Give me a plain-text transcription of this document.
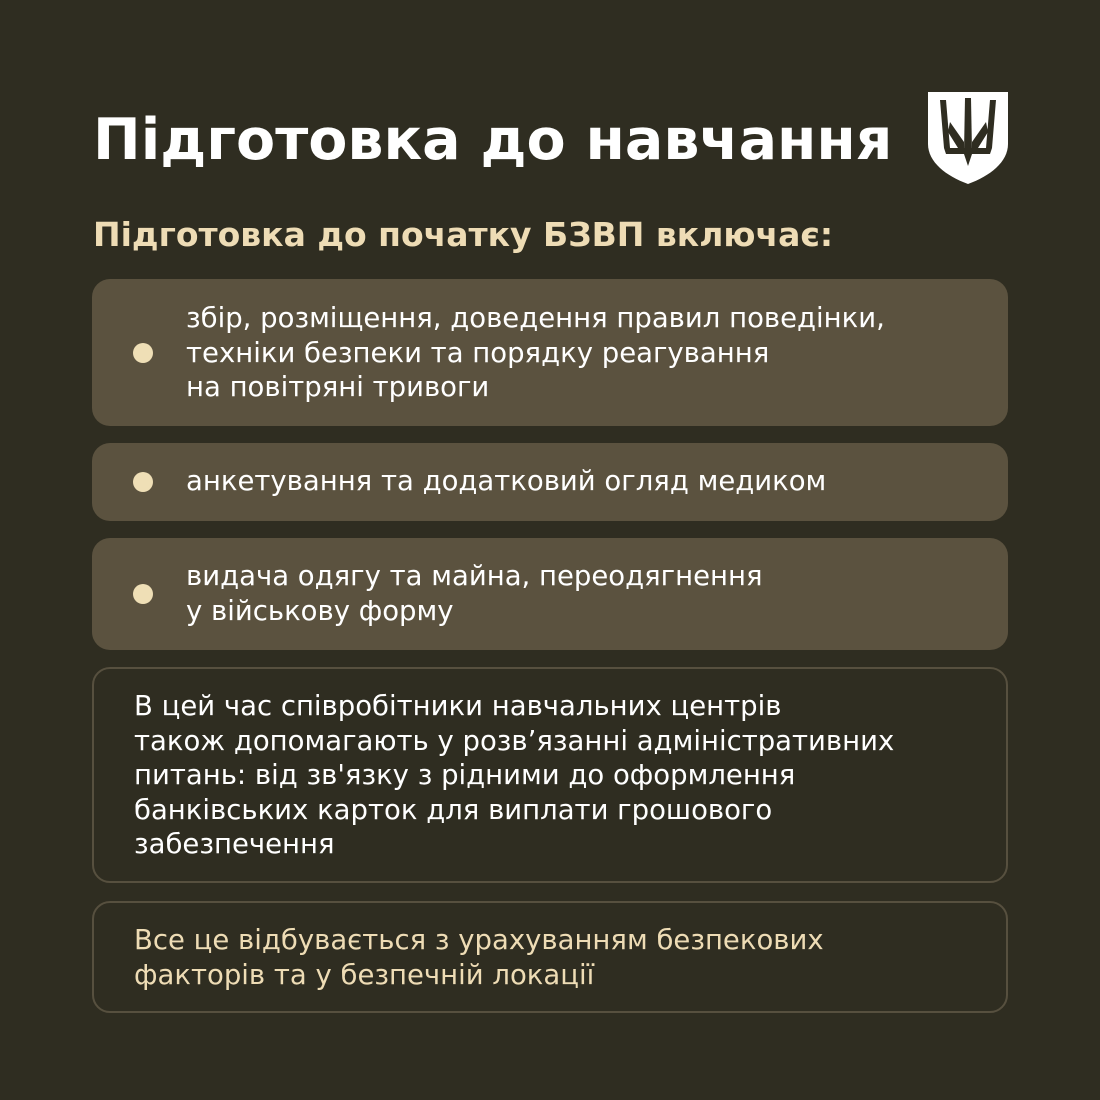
Підготовка до навчання
Підготовка до початку БЗВП включає:
збір, розміщення, доведення правил поведінки,
техніки безпеки та порядку реагування
на повітряні тривоги
анкетування та додатковий огляд медиком
видача одягу та майна, переодягнення
у військову форму
В цей час співробітники навчальних центрів
також допомагають у розв’язанні адміністративних
питань: від зв'язку з рідними до оформлення
банківських карток для виплати грошового
забезпечення
Все це відбувається з урахуванням безпекових
факторів та у безпечній локації
